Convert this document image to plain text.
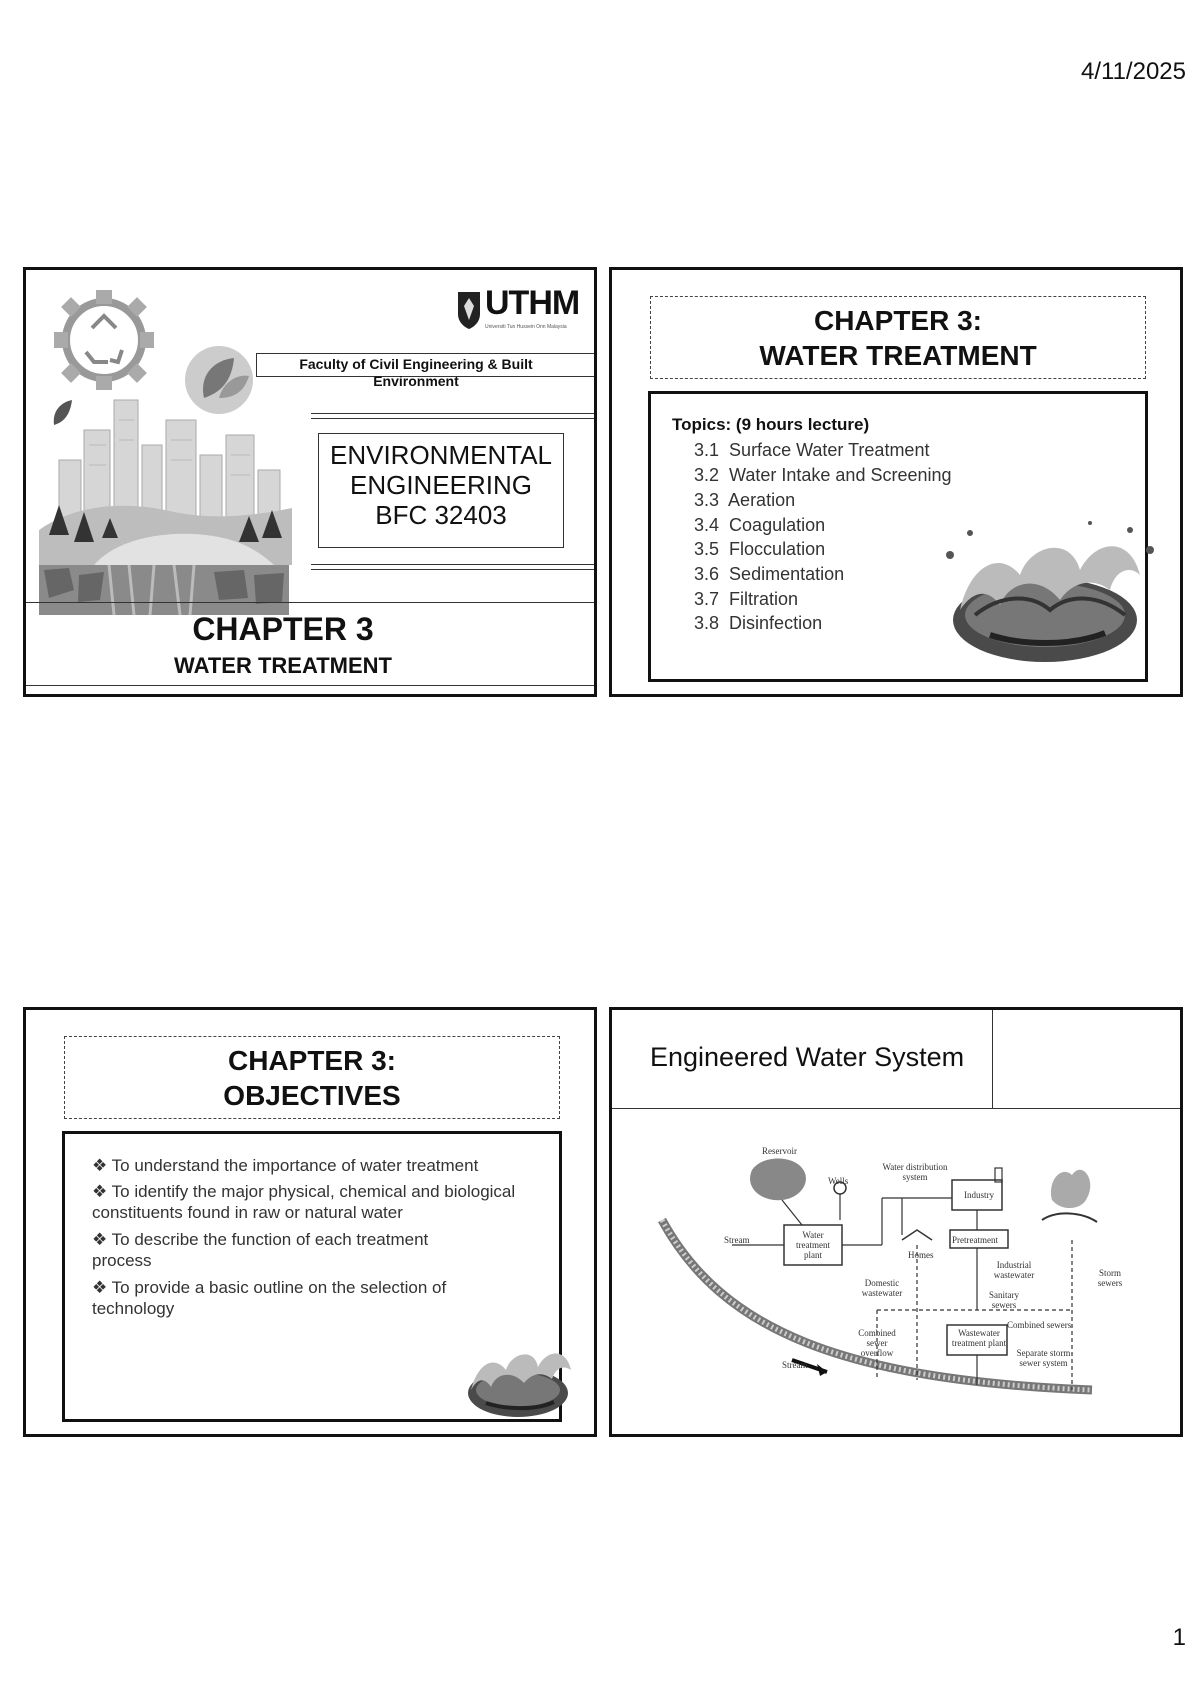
4/11/2025
1
UTHM
Universiti Tun Hussein Onn Malaysia
Faculty of Civil Engineering & Built Environment
ENVIRONMENTAL
ENGINEERING
BFC 32403
CHAPTER 3
WATER TREATMENT
CHAPTER 3:
WATER TREATMENT
Topics: (9 hours lecture)
3.1 Surface Water Treatment
3.2 Water Intake and Screening
3.3 Aeration
3.4 Coagulation
3.5 Flocculation
3.6 Sedimentation
3.7 Filtration
3.8 Disinfection
CHAPTER 3:
OBJECTIVES
❖ To understand the importance of water treatment
❖ To identify the major physical, chemical and biological constituents found in raw or natural water
❖ To describe the function of each treatment process
❖ To provide a basic outline on the selection of technology
Engineered Water System
Reservoir
Wells
Water distribution system
Industry
Stream	Water treatment plant
Pretreatment
Homes
Domestic wastewater
Industrial wastewater
Sanitary sewers
Storm sewers
Combined sewers
Combined sewer overflow
Wastewater treatment plant
Separate storm sewer system
Stream
